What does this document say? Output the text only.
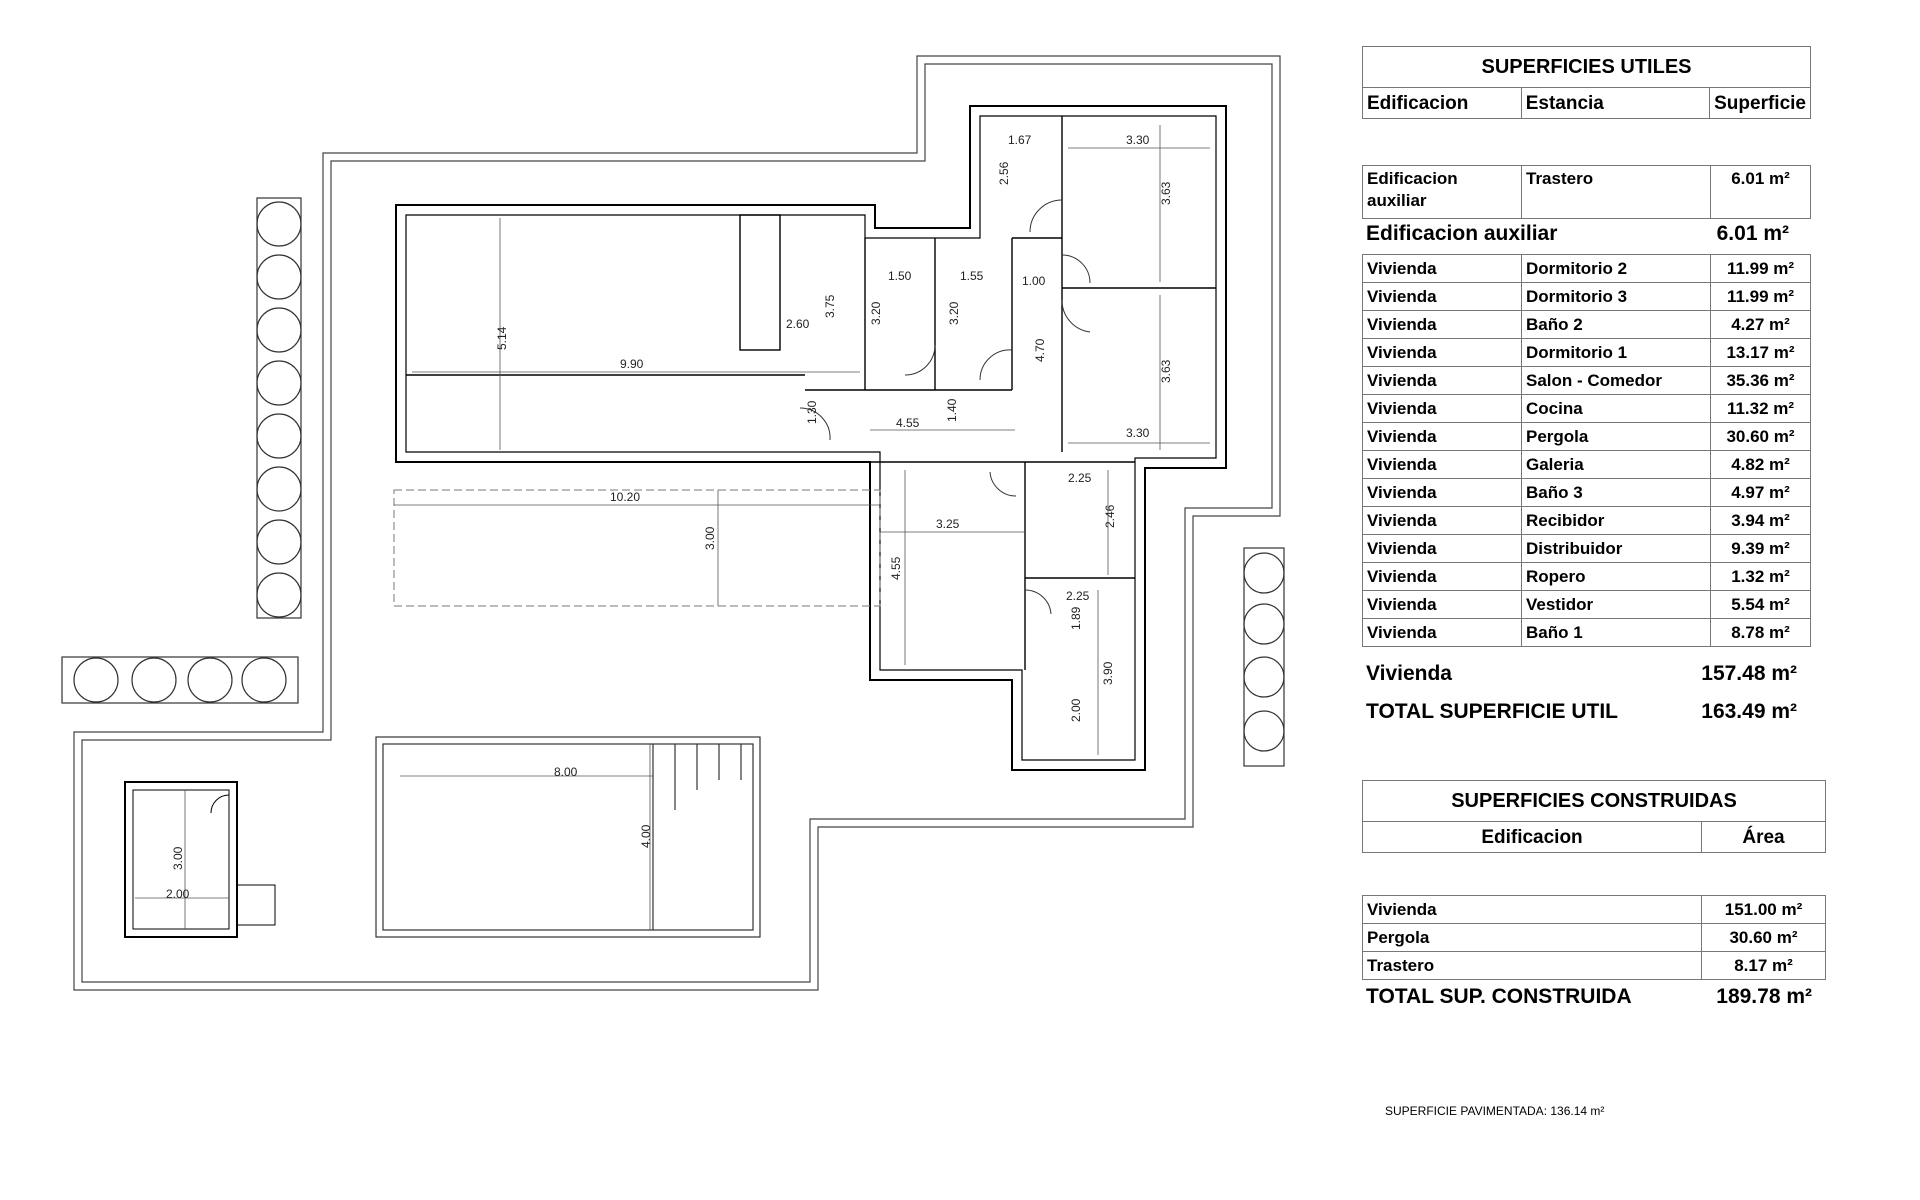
1.67	3.30
2.56
3.63
5.14
3.75
2.60
9.90
1.50	1.55	1.00
3.20	3.20
4.70
3.63
4.55
1.40
1.30
3.30
10.20
3.00
2.25
3.25	2.46
4.55
2.25
1.89
3.90
2.00
8.00
4.00
3.00
2.00
SUPERFICIES UTILES
Edificacion	Estancia	Superficie
Edificacion auxiliar	Trastero	6.01 m²
Edificacion auxiliar	6.01 m²
Vivienda	Dormitorio 2	11.99 m²
Vivienda	Dormitorio 3	11.99 m²
Vivienda	Baño 2	4.27 m²
Vivienda	Dormitorio 1	13.17 m²
Vivienda	Salon - Comedor	35.36 m²
Vivienda	Cocina	11.32 m²
Vivienda	Pergola	30.60 m²
Vivienda	Galeria	4.82 m²
Vivienda	Baño 3	4.97 m²
Vivienda	Recibidor	3.94 m²
Vivienda	Distribuidor	9.39 m²
Vivienda	Ropero	1.32 m²
Vivienda	Vestidor	5.54 m²
Vivienda	Baño 1	8.78 m²
Vivienda	157.48 m²
TOTAL SUPERFICIE UTIL	163.49 m²
SUPERFICIES CONSTRUIDAS
Edificacion	Área
Vivienda	151.00 m²
Pergola	30.60 m²
Trastero	8.17 m²
TOTAL SUP. CONSTRUIDA	189.78 m²
SUPERFICIE PAVIMENTADA: 136.14 m²
